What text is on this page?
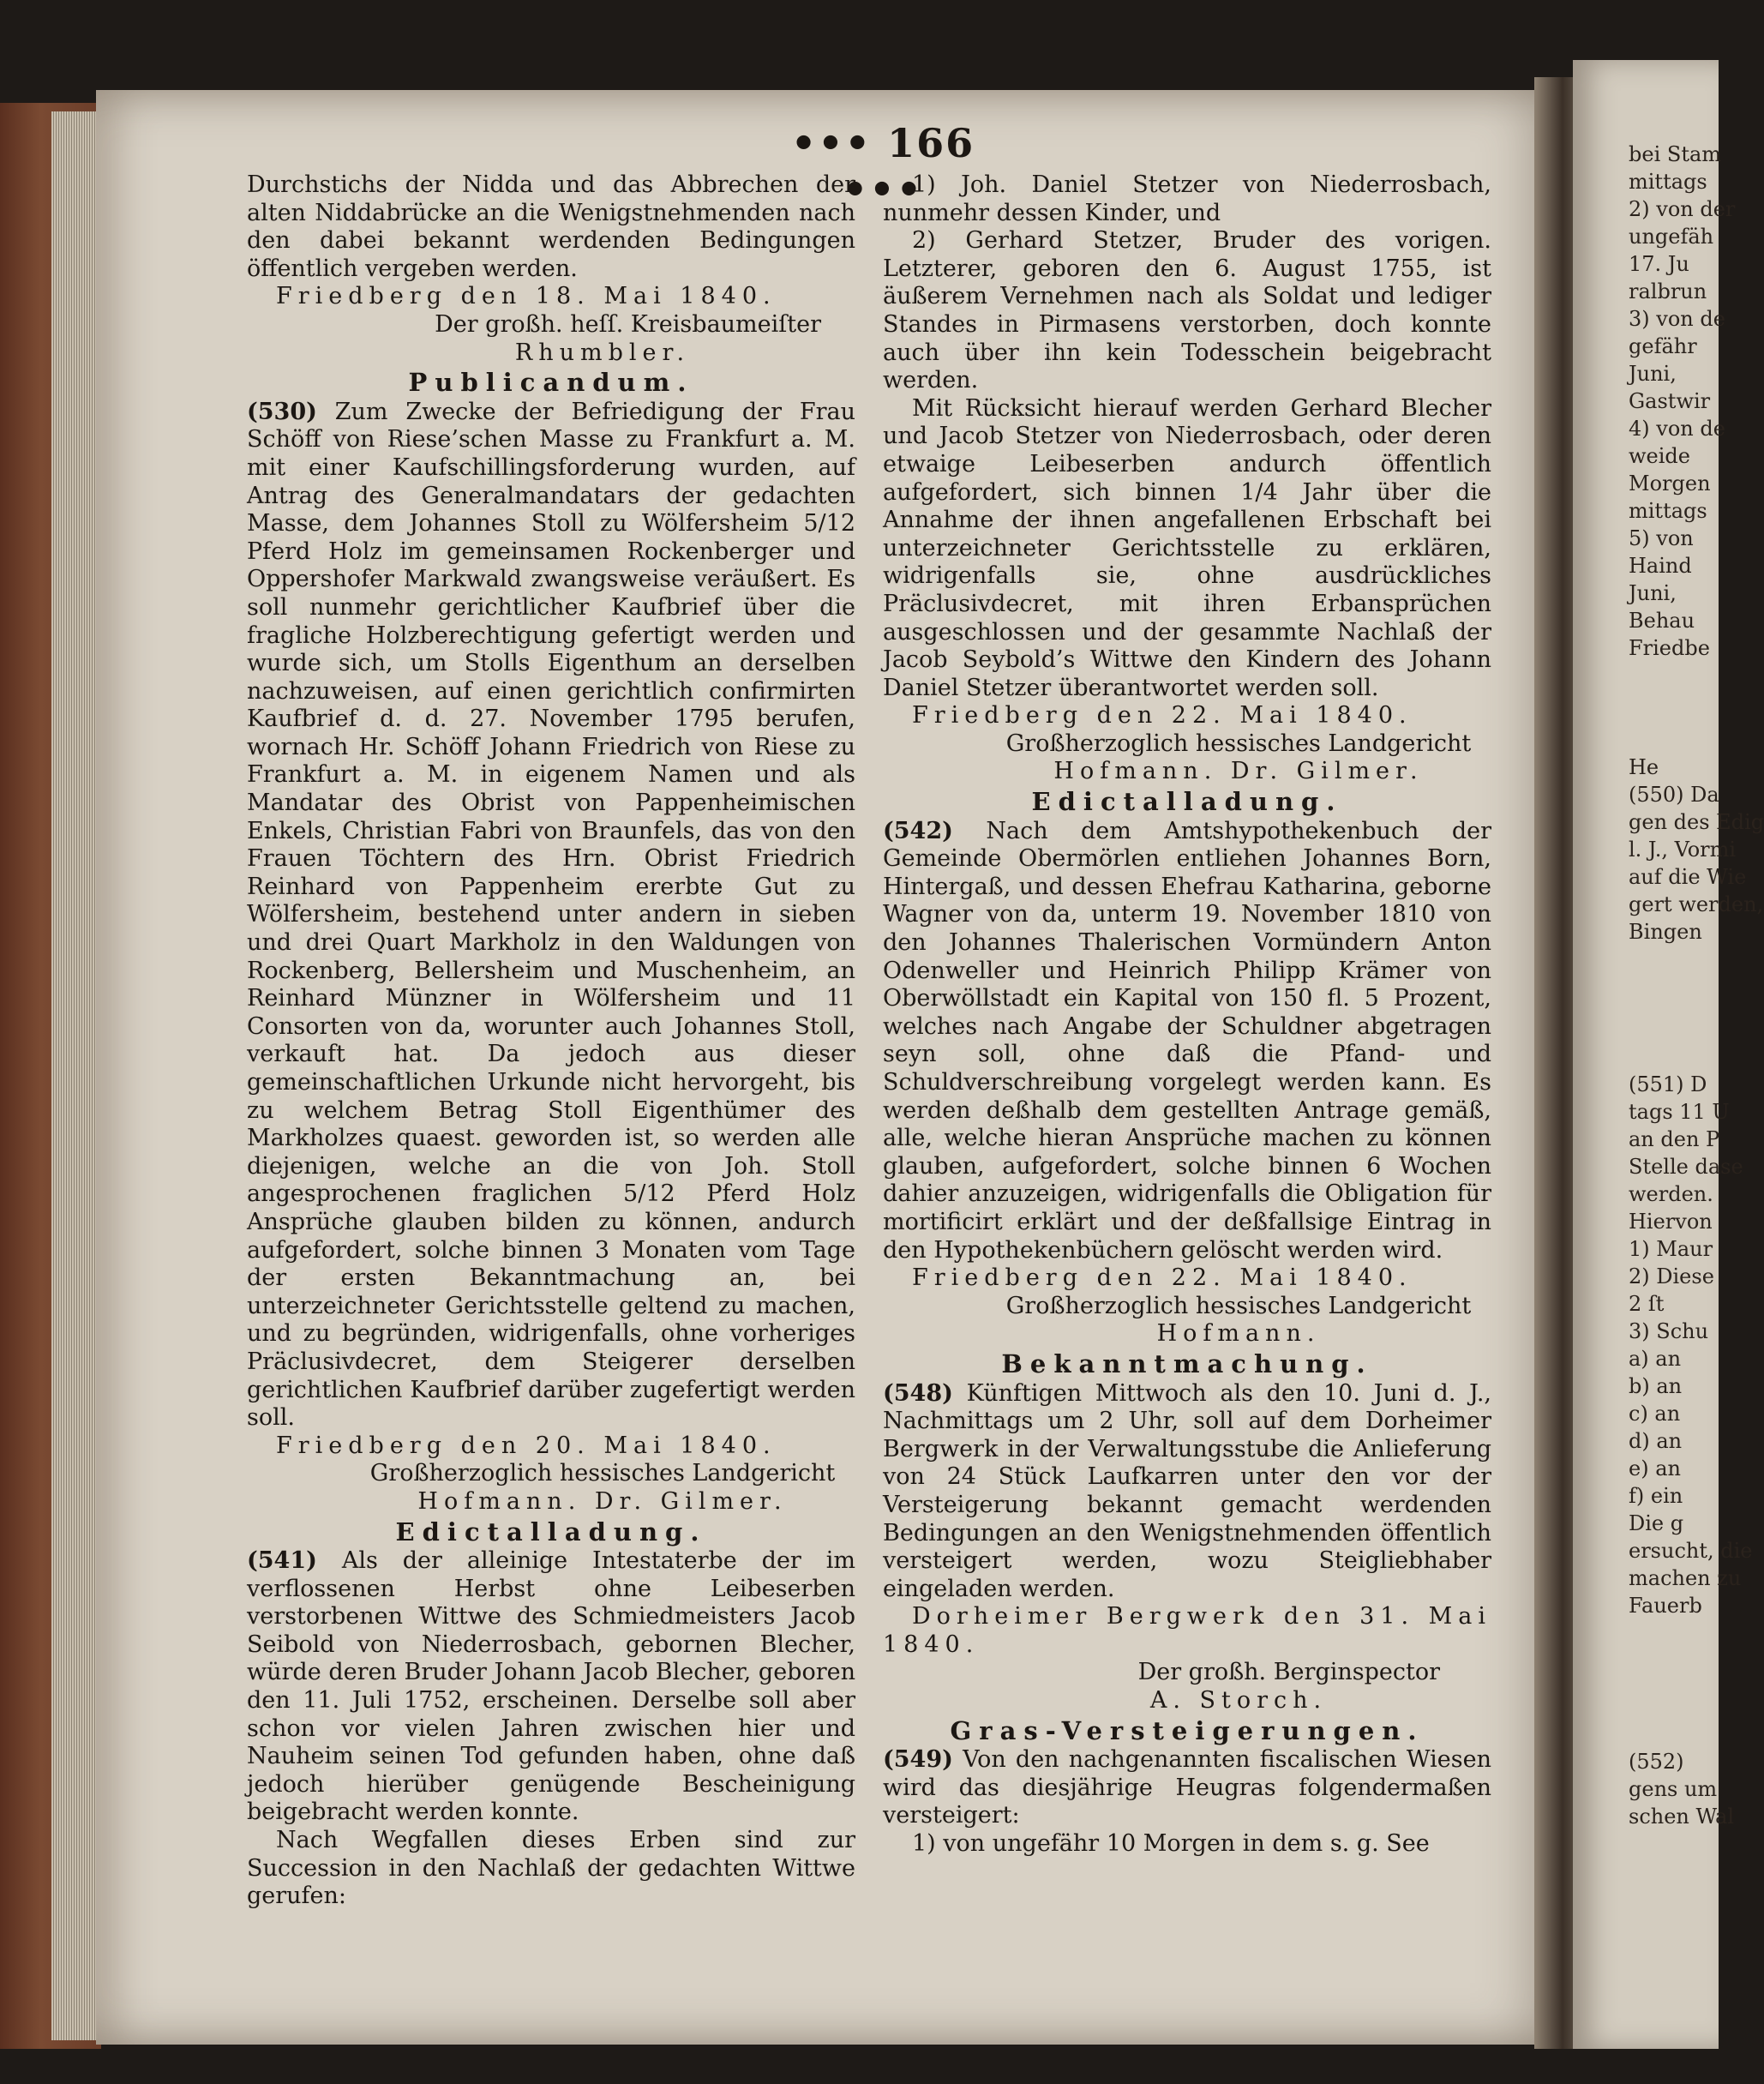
••• 166 •••

Durchstichs der Nidda und das Abbrechen der alten Niddabrücke an die Wenigstnehmenden nach den dabei bekannt werdenden Bedingungen öffentlich vergeben werden.

Friedberg den 18. Mai 1840.

Der großh. heſſ. Kreisbaumeiſter

Rhumbler.

Publicandum.

(530) Zum Zwecke der Befriedigung der Frau Schöff von Riese’schen Masse zu Frankfurt a. M. mit einer Kaufschillingsforderung wurden, auf Antrag des Generalmandatars der gedachten Masse, dem Johannes Stoll zu Wölfersheim 5/12 Pferd Holz im gemeinsamen Rockenberger und Oppershofer Markwald zwangsweise veräußert. Es soll nunmehr gerichtlicher Kaufbrief über die fragliche Holzberechtigung gefertigt werden und wurde sich, um Stolls Eigenthum an derselben nachzuweisen, auf einen gerichtlich confirmirten Kaufbrief d. d. 27. November 1795 berufen, wornach Hr. Schöff Johann Friedrich von Riese zu Frankfurt a. M. in eigenem Namen und als Mandatar des Obrist von Pappenheimischen Enkels, Christian Fabri von Braunfels, das von den Frauen Töchtern des Hrn. Obrist Friedrich Reinhard von Pappenheim ererbte Gut zu Wölfersheim, bestehend unter andern in sieben und drei Quart Markholz in den Waldungen von Rockenberg, Bellersheim und Muschenheim, an Reinhard Münzner in Wölfersheim und 11 Consorten von da, worunter auch Johannes Stoll, verkauft hat. Da jedoch aus dieser gemeinschaftlichen Urkunde nicht hervorgeht, bis zu welchem Betrag Stoll Eigenthümer des Markholzes quaest. geworden ist, so werden alle diejenigen, welche an die von Joh. Stoll angesprochenen fraglichen 5/12 Pferd Holz Ansprüche glauben bilden zu können, andurch aufgefordert, solche binnen 3 Monaten vom Tage der ersten Bekanntmachung an, bei unterzeichneter Gerichtsstelle geltend zu machen, und zu begründen, widrigenfalls, ohne vorheriges Präclusivdecret, dem Steigerer derselben gerichtlichen Kaufbrief darüber zugefertigt werden soll.

Friedberg den 20. Mai 1840.

Großherzoglich hessisches Landgericht

Hofmann. Dr. Gilmer.

Edictalladung.

(541) Als der alleinige Intestaterbe der im verflossenen Herbst ohne Leibeserben verstorbenen Wittwe des Schmiedmeisters Jacob Seibold von Niederrosbach, gebornen Blecher, würde deren Bruder Johann Jacob Blecher, geboren den 11. Juli 1752, erscheinen. Derselbe soll aber schon vor vielen Jahren zwischen hier und Nauheim seinen Tod gefunden haben, ohne daß jedoch hierüber genügende Bescheinigung beigebracht werden konnte.

Nach Wegfallen dieses Erben sind zur Succession in den Nachlaß der gedachten Wittwe gerufen:

1) Joh. Daniel Stetzer von Niederrosbach, nunmehr dessen Kinder, und

2) Gerhard Stetzer, Bruder des vorigen. Letzterer, geboren den 6. August 1755, ist äußerem Vernehmen nach als Soldat und lediger Standes in Pirmasens verstorben, doch konnte auch über ihn kein Todesschein beigebracht werden.

Mit Rücksicht hierauf werden Gerhard Blecher und Jacob Stetzer von Niederrosbach, oder deren etwaige Leibeserben andurch öffentlich aufgefordert, sich binnen 1/4 Jahr über die Annahme der ihnen angefallenen Erbschaft bei unterzeichneter Gerichtsstelle zu erklären, widrigenfalls sie, ohne ausdrückliches Präclusivdecret, mit ihren Erbansprüchen ausgeschlossen und der gesammte Nachlaß der Jacob Seybold’s Wittwe den Kindern des Johann Daniel Stetzer überantwortet werden soll.

Friedberg den 22. Mai 1840.

Großherzoglich hessisches Landgericht

Hofmann. Dr. Gilmer.

Edictalladung.

(542) Nach dem Amtshypothekenbuch der Gemeinde Obermörlen entliehen Johannes Born, Hintergaß, und dessen Ehefrau Katharina, geborne Wagner von da, unterm 19. November 1810 von den Johannes Thalerischen Vormündern Anton Odenweller und Heinrich Philipp Krämer von Oberwöllstadt ein Kapital von 150 fl. 5 Prozent, welches nach Angabe der Schuldner abgetragen seyn soll, ohne daß die Pfand- und Schuldverschreibung vorgelegt werden kann. Es werden deßhalb dem gestellten Antrage gemäß, alle, welche hieran Ansprüche machen zu können glauben, aufgefordert, solche binnen 6 Wochen dahier anzuzeigen, widrigenfalls die Obligation für mortificirt erklärt und der deßfallsige Eintrag in den Hypothekenbüchern gelöscht werden wird.

Friedberg den 22. Mai 1840.

Großherzoglich hessisches Landgericht

Hofmann.

Bekanntmachung.

(548) Künftigen Mittwoch als den 10. Juni d. J., Nachmittags um 2 Uhr, soll auf dem Dorheimer Bergwerk in der Verwaltungsstube die Anlieferung von 24 Stück Laufkarren unter den vor der Versteigerung bekannt gemacht werdenden Bedingungen an den Wenigstnehmenden öffentlich versteigert werden, wozu Steigliebhaber eingeladen werden.

Dorheimer Bergwerk den 31. Mai 1840.

Der großh. Berginspector

A. Storch.

Gras-Versteigerungen.

(549) Von den nachgenannten fiscalischen Wiesen wird das diesjährige Heugras folgendermaßen versteigert:

1) von ungefähr 10 Morgen in dem s. g. See

bei Stam
mittags
2) von der
ungefäh
17. Ju
ralbrun
3) von de
gefähr
Juni,
Gastwir
4) von de
weide
Morgen
mittags
5) von
Haind
Juni,
Behau
Friedbe
He
(550) Da
gen des Edig
l. J., Vormi
auf die Wie
gert werden,
Bingen
(551) D
tags 11 U
an den P
Stelle dase
werden.
Hiervon
1) Maur
2) Diese
2 ſt
3) Schu
a) an
b) an
c) an
d) an
e) an
f) ein
Die g
ersucht, die
machen zu
Fauerb
(552)
gens um
schen Wal
